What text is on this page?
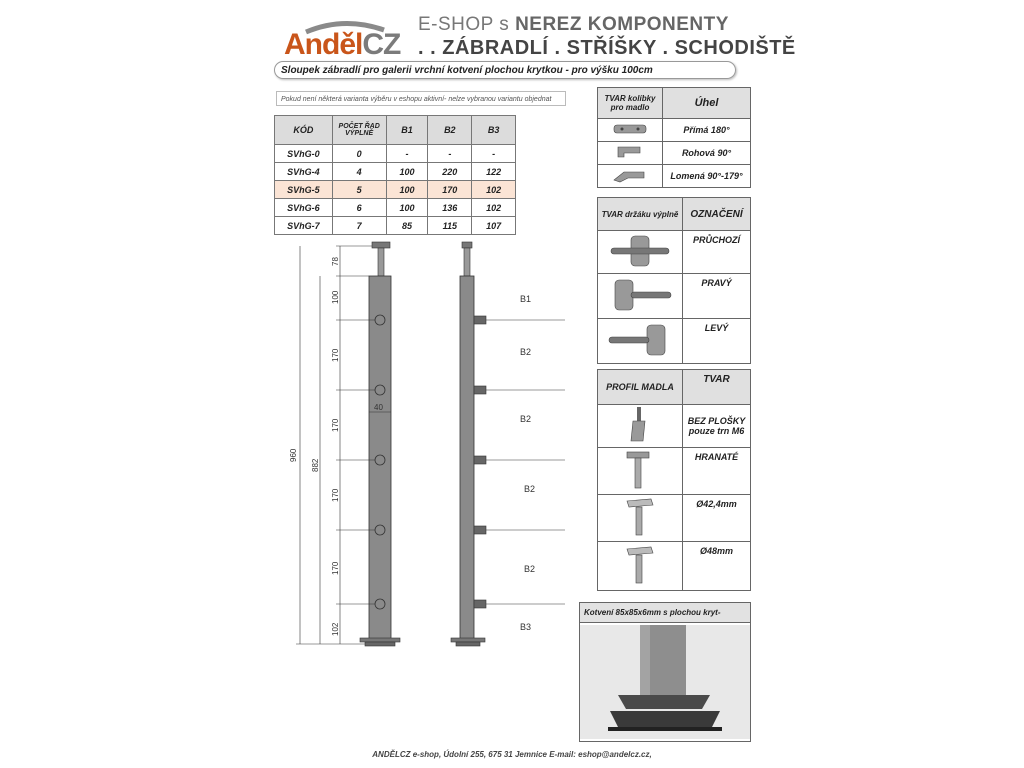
AndělCZ
E-SHOP s NEREZ KOMPONENTY
. . ZÁBRADLÍ . STŘÍŠKY . SCHODIŠTĚ
Sloupek zábradlí pro galerii vrchní kotvení plochou krytkou - pro výšku 100cm
Pokud není některá varianta výběru v eshopu aktivní- nelze vybranou variantu objednat
KÓD	POČET ŘAD VÝPLNĚ	B1	B2	B3
SVhG-0	0	-	-	-
SVhG-4	4	100	220	122
SVhG-5	5	100	170	102
SVhG-6	6	100	136	102
SVhG-7	7	85	115	107
40
78
100
170
170
170
170
102
960
882
B1
B2
B2
B2
B2
B3
TVAR kolíbky pro madlo	Úhel
	Přímá 180°
	Rohová 90°
	Lomená 90°-179°
TVAR držáku výplně	OZNAČENÍ
	PRŮCHOZÍ
	PRAVÝ
	LEVÝ
PROFIL MADLA	TVAR
	BEZ PLOŠKY pouze trn M6
	HRANATÉ
	Ø42,4mm
	Ø48mm
Kotvení 85x85x6mm s plochou kryt-
ANDĚLCZ e-shop, Údolní 255, 675 31 Jemnice E-mail: eshop@andelcz.cz,
